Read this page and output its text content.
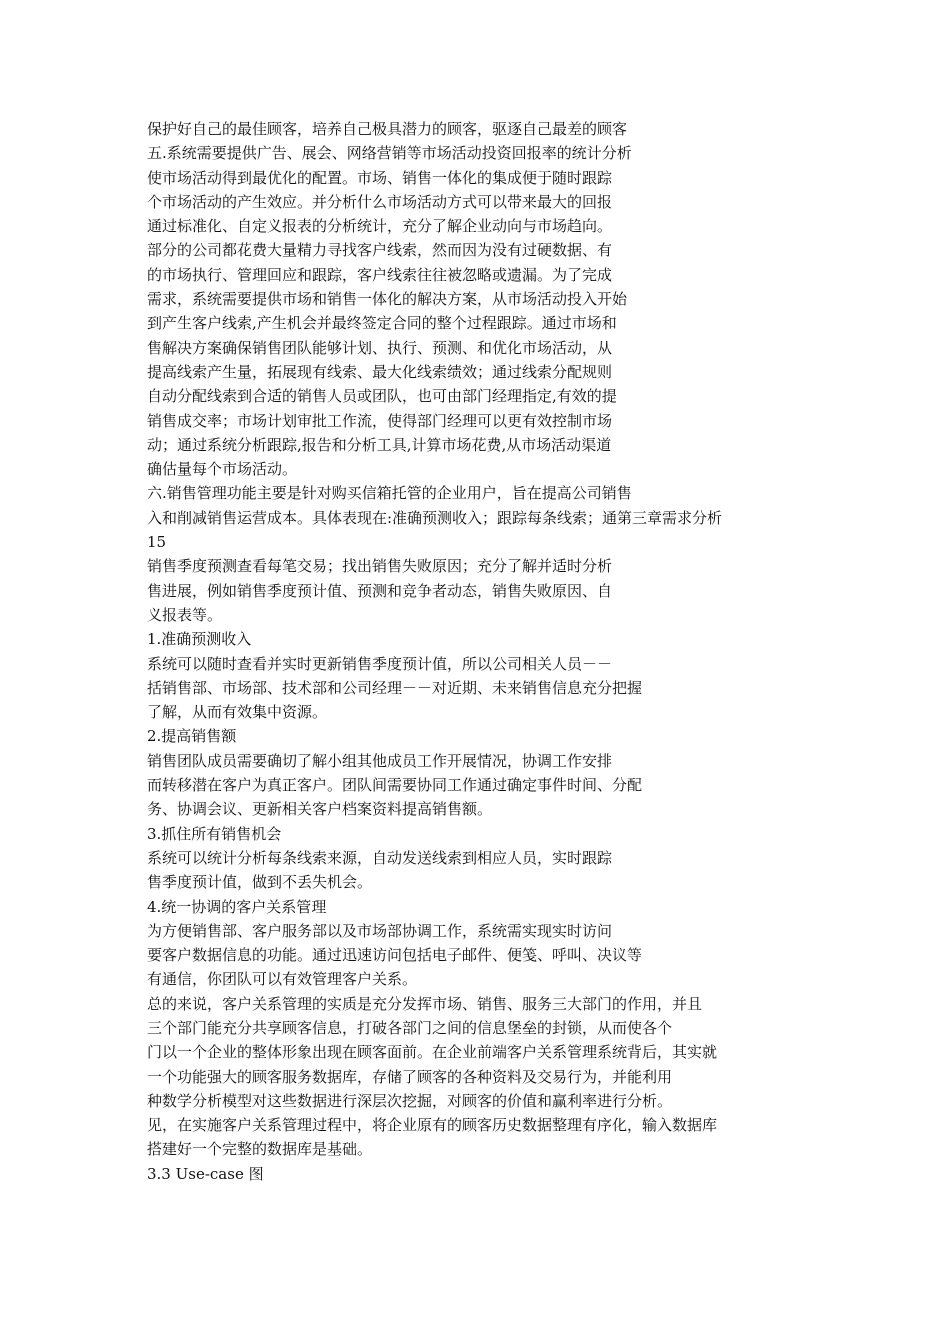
保护好自己的最佳顾客，培养自己极具潜力的顾客，驱逐自己最差的顾客
五.系统需要提供广告、展会、网络营销等市场活动投资回报率的统计分析
使市场活动得到最优化的配置。市场、销售一体化的集成便于随时跟踪
个市场活动的产生效应。并分析什么市场活动方式可以带来最大的回报
通过标准化、自定义报表的分析统计，充分了解企业动向与市场趋向。
部分的公司都花费大量精力寻找客户线索，然而因为没有过硬数据、有
的市场执行、管理回应和跟踪，客户线索往往被忽略或遗漏。为了完成
需求，系统需要提供市场和销售一体化的解决方案，从市场活动投入开始
到产生客户线索,产生机会并最终签定合同的整个过程跟踪。通过市场和
售解决方案确保销售团队能够计划、执行、预测、和优化市场活动，从
提高线索产生量，拓展现有线索、最大化线索绩效；通过线索分配规则
自动分配线索到合适的销售人员或团队，也可由部门经理指定,有效的提
销售成交率；市场计划审批工作流，使得部门经理可以更有效控制市场
动；通过系统分析跟踪,报告和分析工具,计算市场花费,从市场活动渠道
确估量每个市场活动。
六.销售管理功能主要是针对购买信箱托管的企业用户，旨在提高公司销售
入和削减销售运营成本。具体表现在:准确预测收入；跟踪每条线索；通第三章需求分析
15
销售季度预测查看每笔交易；找出销售失败原因；充分了解并适时分析
售进展，例如销售季度预计值、预测和竞争者动态，销售失败原因、自
义报表等。
1.准确预测收入
系统可以随时查看并实时更新销售季度预计值，所以公司相关人员－－
括销售部、市场部、技术部和公司经理－－对近期、未来销售信息充分把握
了解，从而有效集中资源。
2.提高销售额
销售团队成员需要确切了解小组其他成员工作开展情况，协调工作安排
而转移潜在客户为真正客户。团队间需要协同工作通过确定事件时间、分配
务、协调会议、更新相关客户档案资料提高销售额。
3.抓住所有销售机会
系统可以统计分析每条线索来源，自动发送线索到相应人员，实时跟踪
售季度预计值，做到不丢失机会。
4.统一协调的客户关系管理
为方便销售部、客户服务部以及市场部协调工作，系统需实现实时访问
要客户数据信息的功能。通过迅速访问包括电子邮件、便笺、呼叫、决议等
有通信，你团队可以有效管理客户关系。
总的来说，客户关系管理的实质是充分发挥市场、销售、服务三大部门的作用，并且
三个部门能充分共享顾客信息，打破各部门之间的信息堡垒的封锁，从而使各个
门以一个企业的整体形象出现在顾客面前。在企业前端客户关系管理系统背后，其实就
一个功能强大的顾客服务数据库，存储了顾客的各种资料及交易行为，并能利用
种数学分析模型对这些数据进行深层次挖掘，对顾客的价值和赢利率进行分析。
见，在实施客户关系管理过程中，将企业原有的顾客历史数据整理有序化，输入数据库
搭建好一个完整的数据库是基础。
3.3 Use-case 图
